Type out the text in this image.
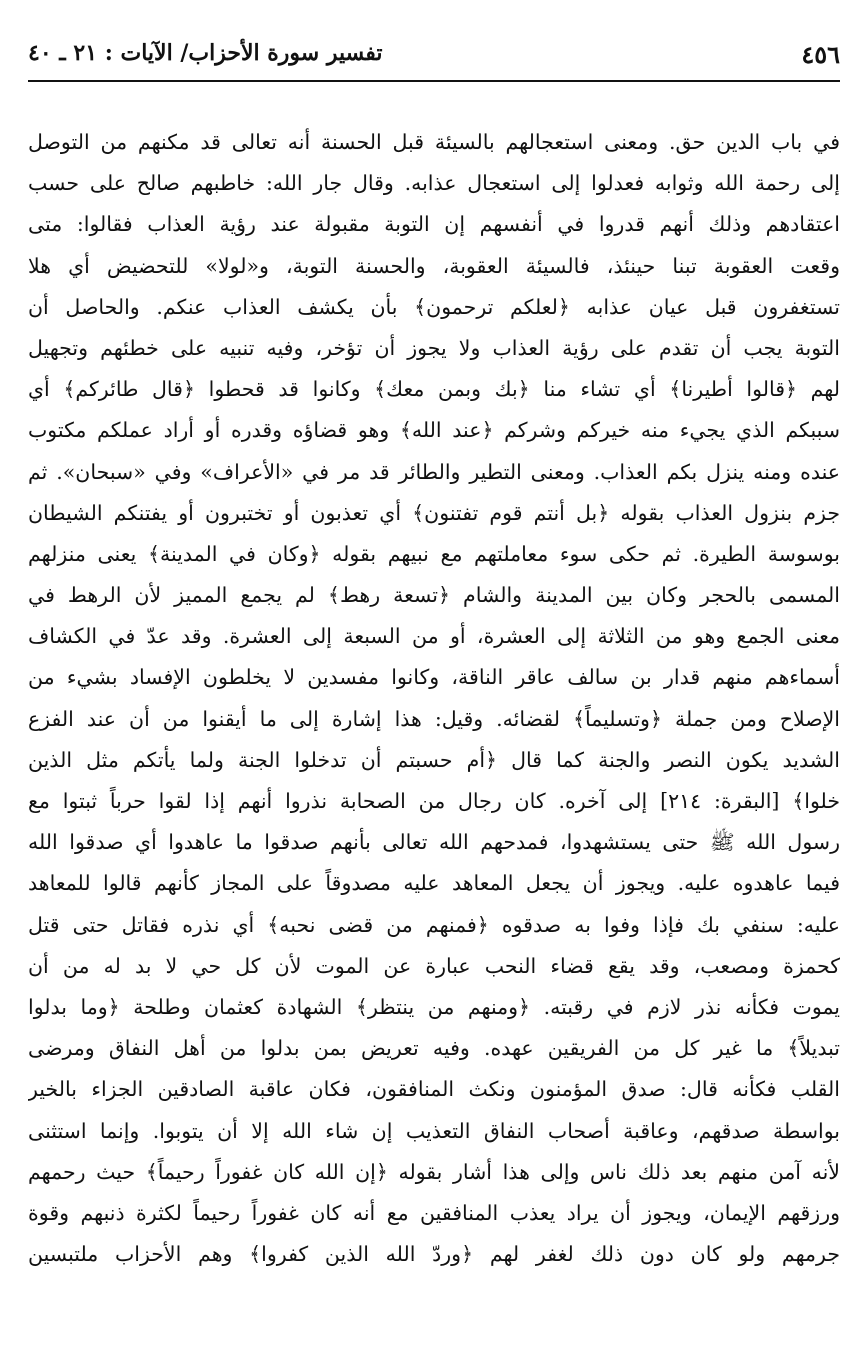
٤٥٦
تفسير سورة الأحزاب/ الآيات : ٢١ ـ ٤٠
في باب الدين حق. ومعنى استعجالهم بالسيئة قبل الحسنة أنه تعالى قد مكنهم من التوصل
إلى رحمة الله وثوابه فعدلوا إلى استعجال عذابه. وقال جار الله: خاطبهم صالح على حسب
اعتقادهم وذلك أنهم قدروا في أنفسهم إن التوبة مقبولة عند رؤية العذاب فقالوا: متى
وقعت العقوبة تبنا حينئذ، فالسيئة العقوبة، والحسنة التوبة، و«لولا» للتحضيض أي هلا
تستغفرون قبل عيان عذابه ﴿لعلكم ترحمون﴾ بأن يكشف العذاب عنكم. والحاصل أن
التوبة يجب أن تقدم على رؤية العذاب ولا يجوز أن تؤخر، وفيه تنبيه على خطئهم وتجهيل
لهم ﴿قالوا أطيرنا﴾ أي تشاء منا ﴿بك وبمن معك﴾ وكانوا قد قحطوا ﴿قال طائركم﴾ أي
سببكم الذي يجيء منه خيركم وشركم ﴿عند الله﴾ وهو قضاؤه وقدره أو أراد عملكم مكتوب
عنده ومنه ينزل بكم العذاب. ومعنى التطير والطائر قد مر في «الأعراف» وفي «سبحان». ثم
جزم بنزول العذاب بقوله ﴿بل أنتم قوم تفتنون﴾ أي تعذبون أو تختبرون أو يفتنكم الشيطان
بوسوسة الطيرة. ثم حكى سوء معاملتهم مع نبيهم بقوله ﴿وكان في المدينة﴾ يعنى منزلهم
المسمى بالحجر وكان بين المدينة والشام ﴿تسعة رهط﴾ لم يجمع المميز لأن الرهط في
معنى الجمع وهو من الثلاثة إلى العشرة، أو من السبعة إلى العشرة. وقد عدّ في الكشاف
أسماءهم منهم قدار بن سالف عاقر الناقة، وكانوا مفسدين لا يخلطون الإفساد بشيء من
الإصلاح ومن جملة ﴿وتسليماً﴾ لقضائه. وقيل: هذا إشارة إلى ما أيقنوا من أن عند الفزع
الشديد يكون النصر والجنة كما قال ﴿أم حسبتم أن تدخلوا الجنة ولما يأتكم مثل الذين
خلوا﴾ [البقرة: ٢١٤] إلى آخره. كان رجال من الصحابة نذروا أنهم إذا لقوا حرباً ثبتوا مع
رسول الله ﷺ حتى يستشهدوا، فمدحهم الله تعالى بأنهم صدقوا ما عاهدوا أي صدقوا الله
فيما عاهدوه عليه. ويجوز أن يجعل المعاهد عليه مصدوقاً على المجاز كأنهم قالوا للمعاهد
عليه: سنفي بك فإذا وفوا به صدقوه ﴿فمنهم من قضى نحبه﴾ أي نذره فقاتل حتى قتل
كحمزة ومصعب، وقد يقع قضاء النحب عبارة عن الموت لأن كل حي لا بد له من أن
يموت فكأنه نذر لازم في رقبته. ﴿ومنهم من ينتظر﴾ الشهادة كعثمان وطلحة ﴿وما بدلوا
تبديلاً﴾ ما غير كل من الفريقين عهده. وفيه تعريض بمن بدلوا من أهل النفاق ومرضى
القلب فكأنه قال: صدق المؤمنون ونكث المنافقون، فكان عاقبة الصادقين الجزاء بالخير
بواسطة صدقهم، وعاقبة أصحاب النفاق التعذيب إن شاء الله إلا أن يتوبوا. وإنما استثنى
لأنه آمن منهم بعد ذلك ناس وإلى هذا أشار بقوله ﴿إن الله كان غفوراً رحيماً﴾ حيث رحمهم
ورزقهم الإيمان، ويجوز أن يراد يعذب المنافقين مع أنه كان غفوراً رحيماً لكثرة ذنبهم وقوة
جرمهم ولو كان دون ذلك لغفر لهم ﴿وردّ الله الذين كفروا﴾ وهم الأحزاب ملتبسين
